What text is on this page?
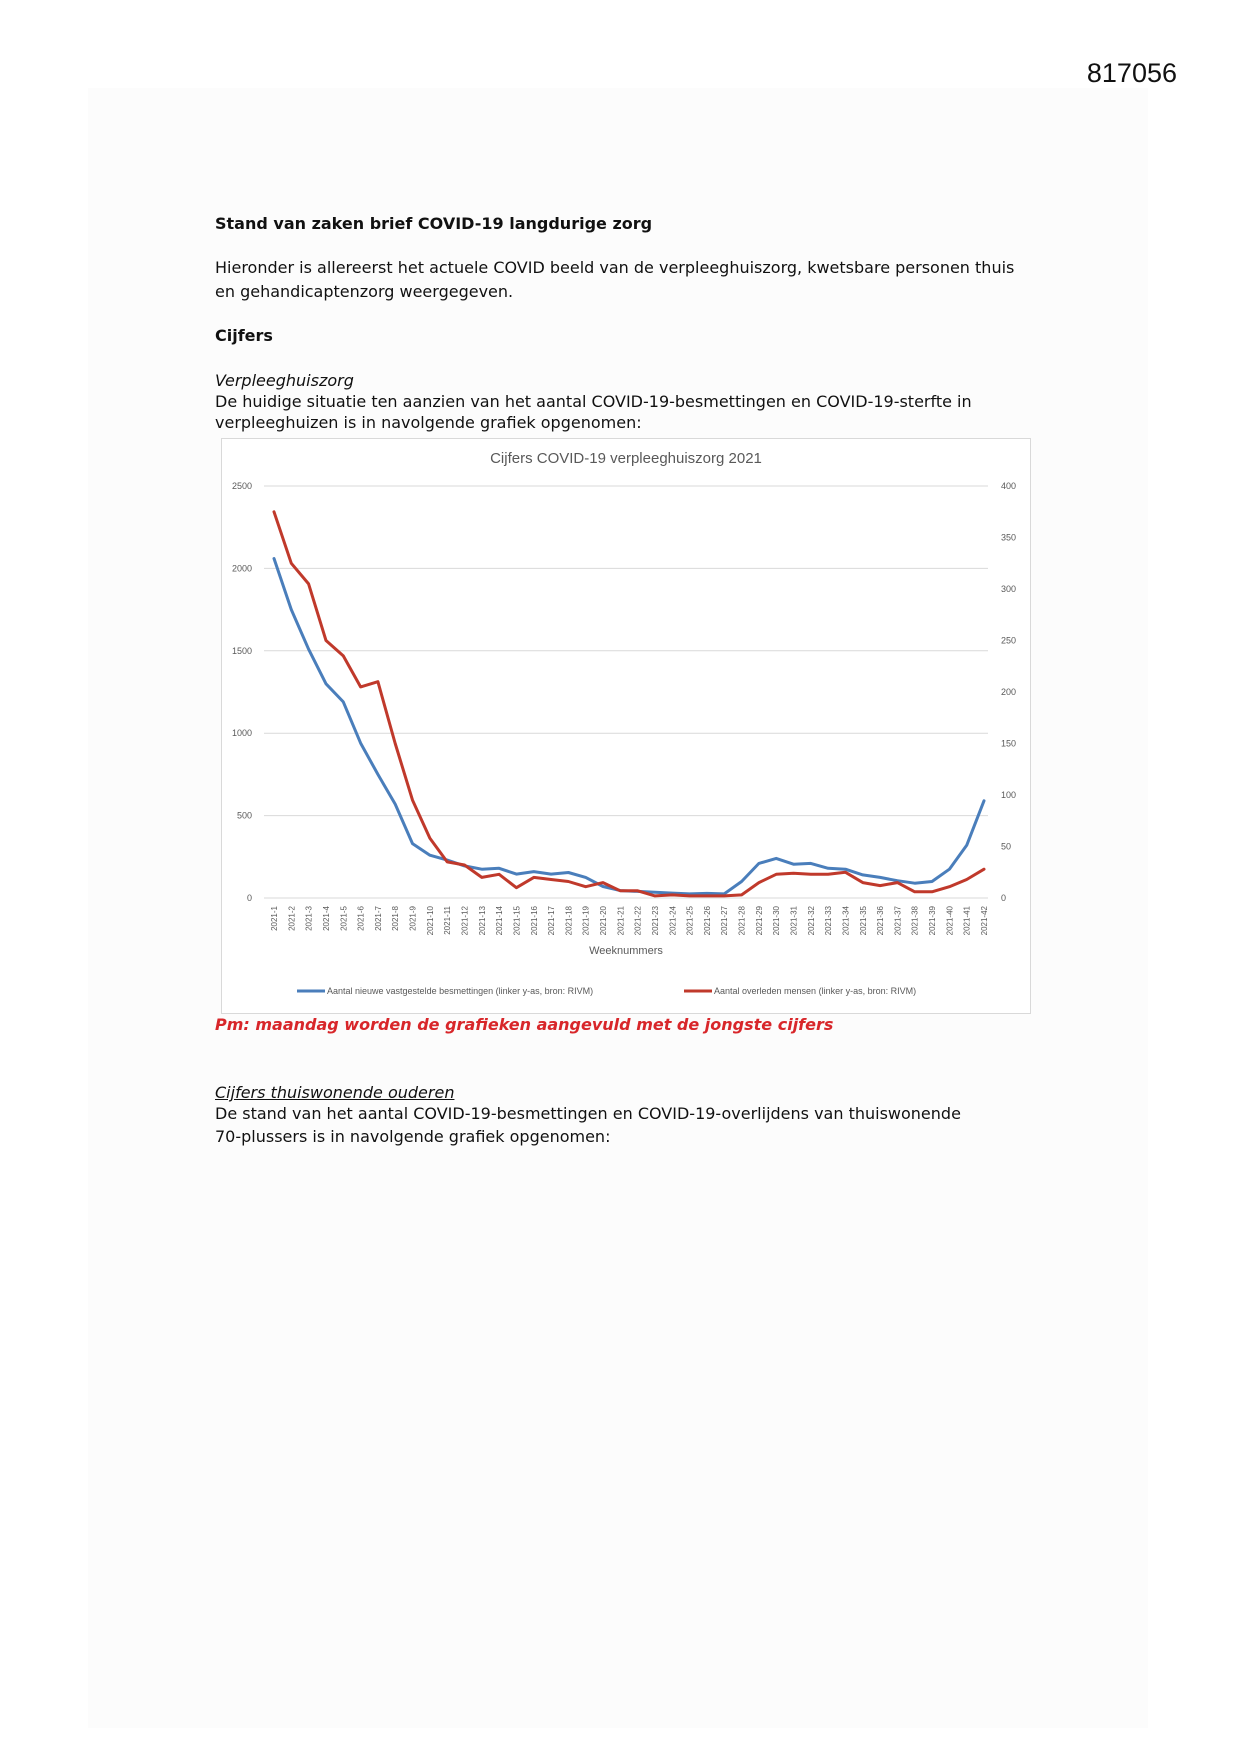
817056

Stand van zaken brief COVID-19 langdurige zorg

Hieronder is allereerst het actuele COVID beeld van de verpleeghuiszorg, kwetsbare personen thuis

en gehandicaptenzorg weergegeven.

Cijfers

Verpleeghuiszorg

De huidige situatie ten aanzien van het aantal COVID-19-besmettingen en COVID-19-sterfte in

verpleeghuizen is in navolgende grafiek opgenomen:

0
500
1000
1500
2000
2500
0
50
100
150
200
250
300
350
400
Cijfers COVID-19 verpleeghuiszorg 2021
2021-1 2021-2 2021-3 2021-4 2021-5 2021-6 2021-7 2021-8 2021-9 2021-10 2021-11 2021-12 2021-13 2021-14 2021-15 2021-16 2021-17 2021-18 2021-19 2021-20 2021-21 2021-22 2021-23 2021-24 2021-25 2021-26 2021-27 2021-28 2021-29 2021-30 2021-31 2021-32 2021-33 2021-34 2021-35 2021-36 2021-37 2021-38 2021-39 2021-40 2021-41 2021-42
Weeknummers
Aantal nieuwe vastgestelde besmettingen (linker y-as, bron: RIVM)	Aantal overleden mensen (linker y-as, bron: RIVM)

Pm: maandag worden de grafieken aangevuld met de jongste cijfers

Cijfers thuiswonende ouderen

De stand van het aantal COVID-19-besmettingen en COVID-19-overlijdens van thuiswonende

70-plussers is in navolgende grafiek opgenomen:
